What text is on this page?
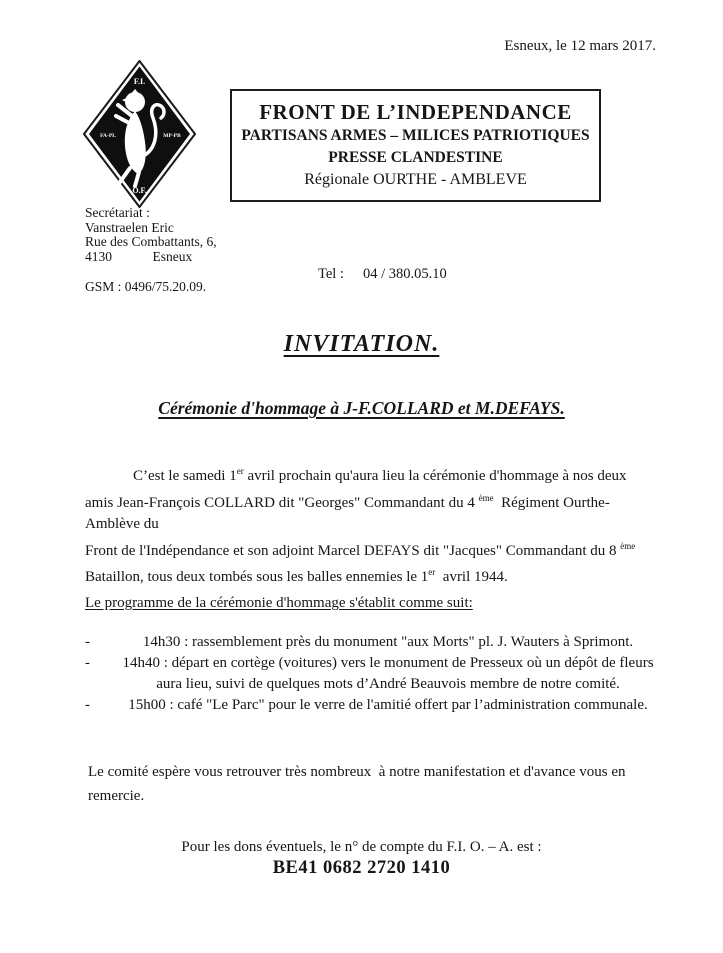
Esneux, le 12 mars 2017.
F.I.
O.F.
FA-PL	MP-PB
FRONT DE L’INDEPENDANCE
PARTISANS ARMES – MILICES PATRIOTIQUES
PRESSE CLANDESTINE
Régionale OURTHE - AMBLEVE
Secrétariat :
Vanstraelen Eric
Rue des Combattants, 6,
4130            Esneux
GSM : 0496/75.20.09.
Tel : 04 / 380.05.10
INVITATION.
Cérémonie d'hommage à J-F.COLLARD et M.DEFAYS.
C’est le samedi 1er avril prochain qu'aura lieu la cérémonie d'hommage à nos deux
amis Jean-François COLLARD dit "Georges" Commandant du 4 $^{ème}$  Régiment Ourthe-
Amblève du
Front de l'Indépendance et son adjoint Marcel DEFAYS dit "Jacques" Commandant du 8 $^{ème}$
Bataillon, tous deux tombés sous les balles ennemies le 1er  avril 1944.
Le programme de la cérémonie d'hommage s'établit comme suit:
-	14h30 : rassemblement près du monument "aux Morts" pl. J. Wauters à Sprimont.
-	14h40 : départ en cortège (voitures) vers le monument de Presseux où un dépôt de fleurs
aura lieu, suivi de quelques mots d’André Beauvois membre de notre comité.
-	15h00 : café "Le Parc" pour le verre de l'amitié offert par l’administration communale.
Le comité espère vous retrouver très nombreux  à notre manifestation et d'avance vous en
remercie.
Pour les dons éventuels, le n° de compte du F.I. O. – A. est :
BE41 0682 2720 1410
